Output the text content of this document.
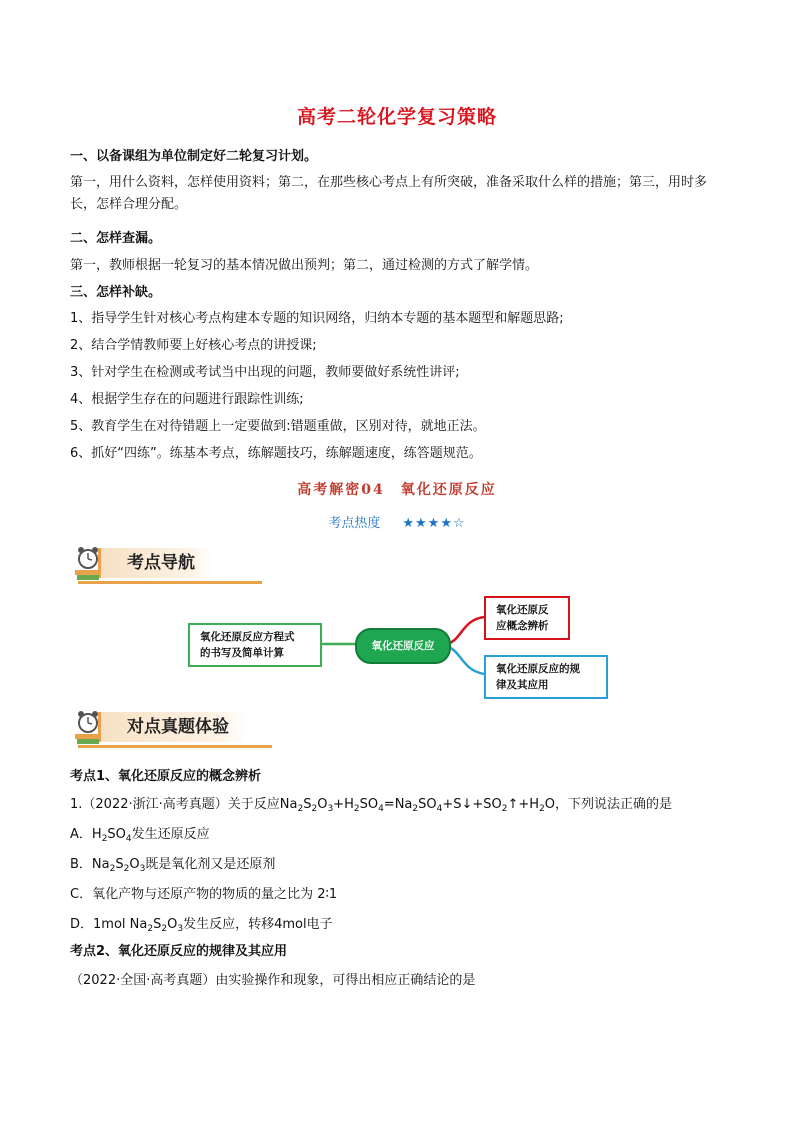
高考二轮化学复习策略
一、以备课组为单位制定好二轮复习计划。
第一，用什么资料，怎样使用资料；第二，在那些核心考点上有所突破，准备采取什么样的措施；第三，用时多长，怎样合理分配。
二、怎样查漏。
第一，教师根据一轮复习的基本情况做出预判；第二，通过检测的方式了解学情。
三、怎样补缺。
1、指导学生针对核心考点构建本专题的知识网络，归纳本专题的基本题型和解题思路;
2、结合学情教师要上好核心考点的讲授课;
3、针对学生在检测或考试当中出现的问题，教师要做好系统性讲评;
4、根据学生存在的问题进行跟踪性训练;
5、教育学生在对待错题上一定要做到:错题重做，区别对待，就地正法。
6、抓好“四练”。练基本考点，练解题技巧，练解题速度，练答题规范。
高考解密04　氧化还原反应
考点热度 ★★★★☆
考点导航
氧化还原反应方程式
的书写及简单计算
氧化还原反应
氧化还原反
应概念辨析
氧化还原反应的规
律及其应用
对点真题体验
考点1、氧化还原反应的概念辨析
1.（2022·浙江·高考真题）关于反应$Na_2S_2O_3+H_2SO_4=Na_2SO_4+S↓+SO_2↑+H_2O$，下列说法正确的是
A．$H_2SO_4$发生还原反应
B．$Na_2S_2O_3$既是氧化剂又是还原剂
C．氧化产物与还原产物的物质的量之比为 2∶1
D．1mol $Na_2S_2O_3$发生反应，转移4mol电子
考点2、氧化还原反应的规律及其应用
（2022·全国·高考真题）由实验操作和现象，可得出相应正确结论的是
